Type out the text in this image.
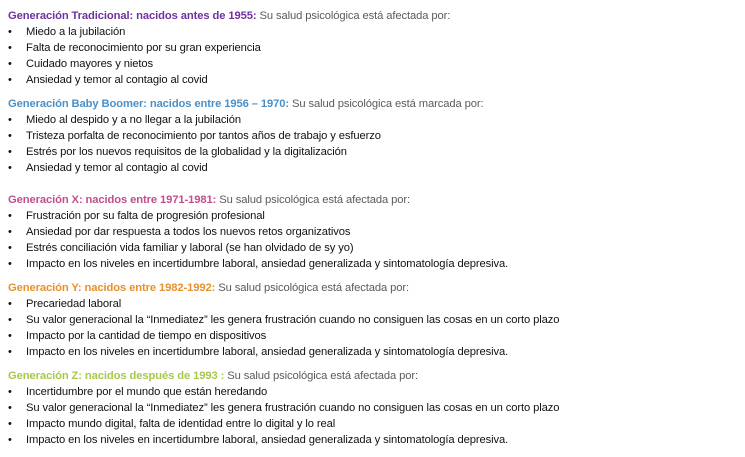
Generación Tradicional: nacidos antes de 1955: Su salud psicológica está afectada por:
• Miedo a la jubilación
• Falta de reconocimiento por su gran experiencia
• Cuidado mayores y nietos
• Ansiedad y temor al contagio al covid
Generación Baby Boomer: nacidos entre 1956 – 1970: Su salud psicológica está marcada por:
• Miedo al despido y a no llegar a la jubilación
• Tristeza porfalta de reconocimiento por tantos años de trabajo y esfuerzo
• Estrés por los nuevos requisitos de la globalidad y la digitalización
• Ansiedad y temor al contagio al covid
Generación X: nacidos entre 1971-1981: Su salud psicológica está afectada por:
• Frustración por su falta de progresión profesional
• Ansiedad por dar respuesta a todos los nuevos retos organizativos
• Estrés conciliación vida familiar y laboral (se han olvidado de sy yo)
• Impacto en los niveles en incertidumbre laboral, ansiedad generalizada y sintomatología depresiva.
Generación Y: nacidos entre 1982-1992: Su salud psicológica está afectada por:
• Precariedad laboral
• Su valor generacional la “Inmediatez” les genera frustración cuando no consiguen las cosas en un corto plazo
• Impacto por la cantidad de tiempo en dispositivos
• Impacto en los niveles en incertidumbre laboral, ansiedad generalizada y sintomatología depresiva.
Generación Z: nacidos después de 1993 : Su salud psicológica está afectada por:
• Incertidumbre por el mundo que están heredando
• Su valor generacional la “Inmediatez” les genera frustración cuando no consiguen las cosas en un corto plazo
• Impacto mundo digital, falta de identidad entre lo digital y lo real
• Impacto en los niveles en incertidumbre laboral, ansiedad generalizada y sintomatología depresiva.
